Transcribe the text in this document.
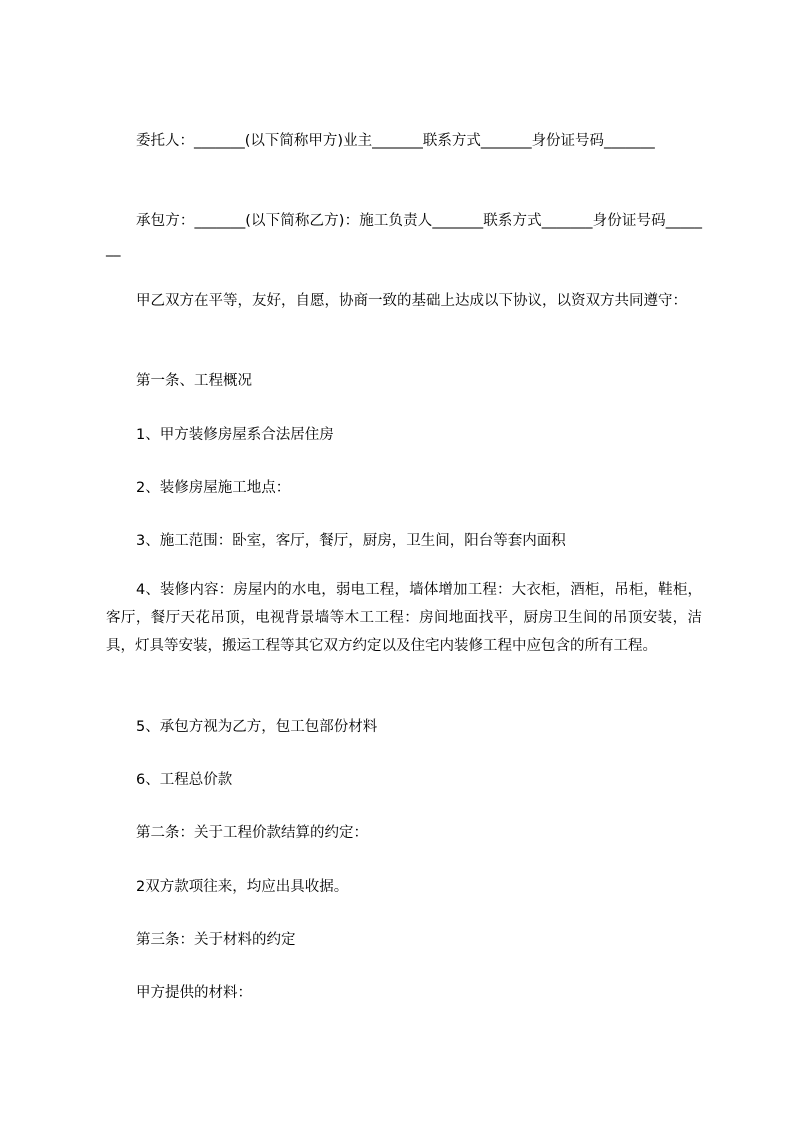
委托人：_______(以下简称甲方)业主_______联系方式_______身份证号码_______

承包方：_______(以下简称乙方)：施工负责人_______联系方式_______身份证号码_______

甲乙双方在平等，友好，自愿，协商一致的基础上达成以下协议，以资双方共同遵守：

第一条、工程概况

1、甲方装修房屋系合法居住房

2、装修房屋施工地点：

3、施工范围：卧室，客厅，餐厅，厨房，卫生间，阳台等套内面积

4、装修内容：房屋内的水电，弱电工程，墙体增加工程：大衣柜，酒柜，吊柜，鞋柜，客厅，餐厅天花吊顶，电视背景墙等木工工程：房间地面找平，厨房卫生间的吊顶安装，洁具，灯具等安装，搬运工程等其它双方约定以及住宅内装修工程中应包含的所有工程。

5、承包方视为乙方，包工包部份材料

6、工程总价款

第二条：关于工程价款结算的约定：

2双方款项往来，均应出具收据。

第三条：关于材料的约定

甲方提供的材料：
